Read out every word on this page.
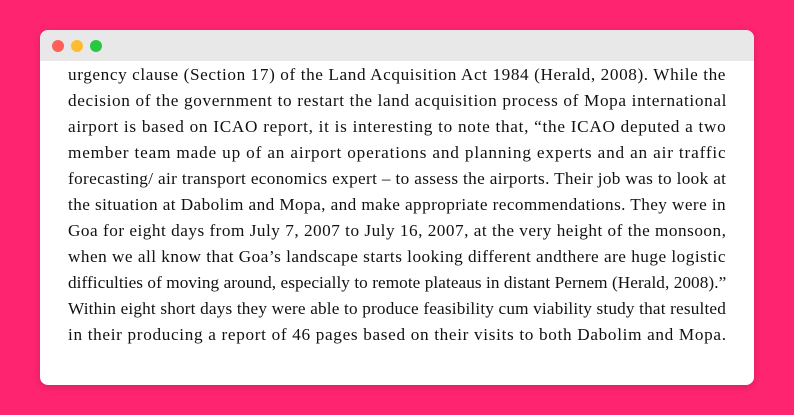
urgency clause (Section 17) of the Land Acquisition Act 1984 (Herald, 2008). While the
decision of the government to restart the land acquisition process of Mopa international
airport is based on ICAO report, it is interesting to note that, “the ICAO deputed a two
member team made up of an airport operations and planning experts and an air traffic
forecasting/ air transport economics expert – to assess the airports. Their job was to look at
the situation at Dabolim and Mopa, and make appropriate recommendations. They were in
Goa for eight days from July 7, 2007 to July 16, 2007, at the very height of the monsoon,
when we all know that Goa’s landscape starts looking different andthere are huge logistic
difficulties of moving around, especially to remote plateaus in distant Pernem (Herald, 2008).”
Within eight short days they were able to produce feasibility cum viability study that resulted
in their producing a report of 46 pages based on their visits to both Dabolim and Mopa.
